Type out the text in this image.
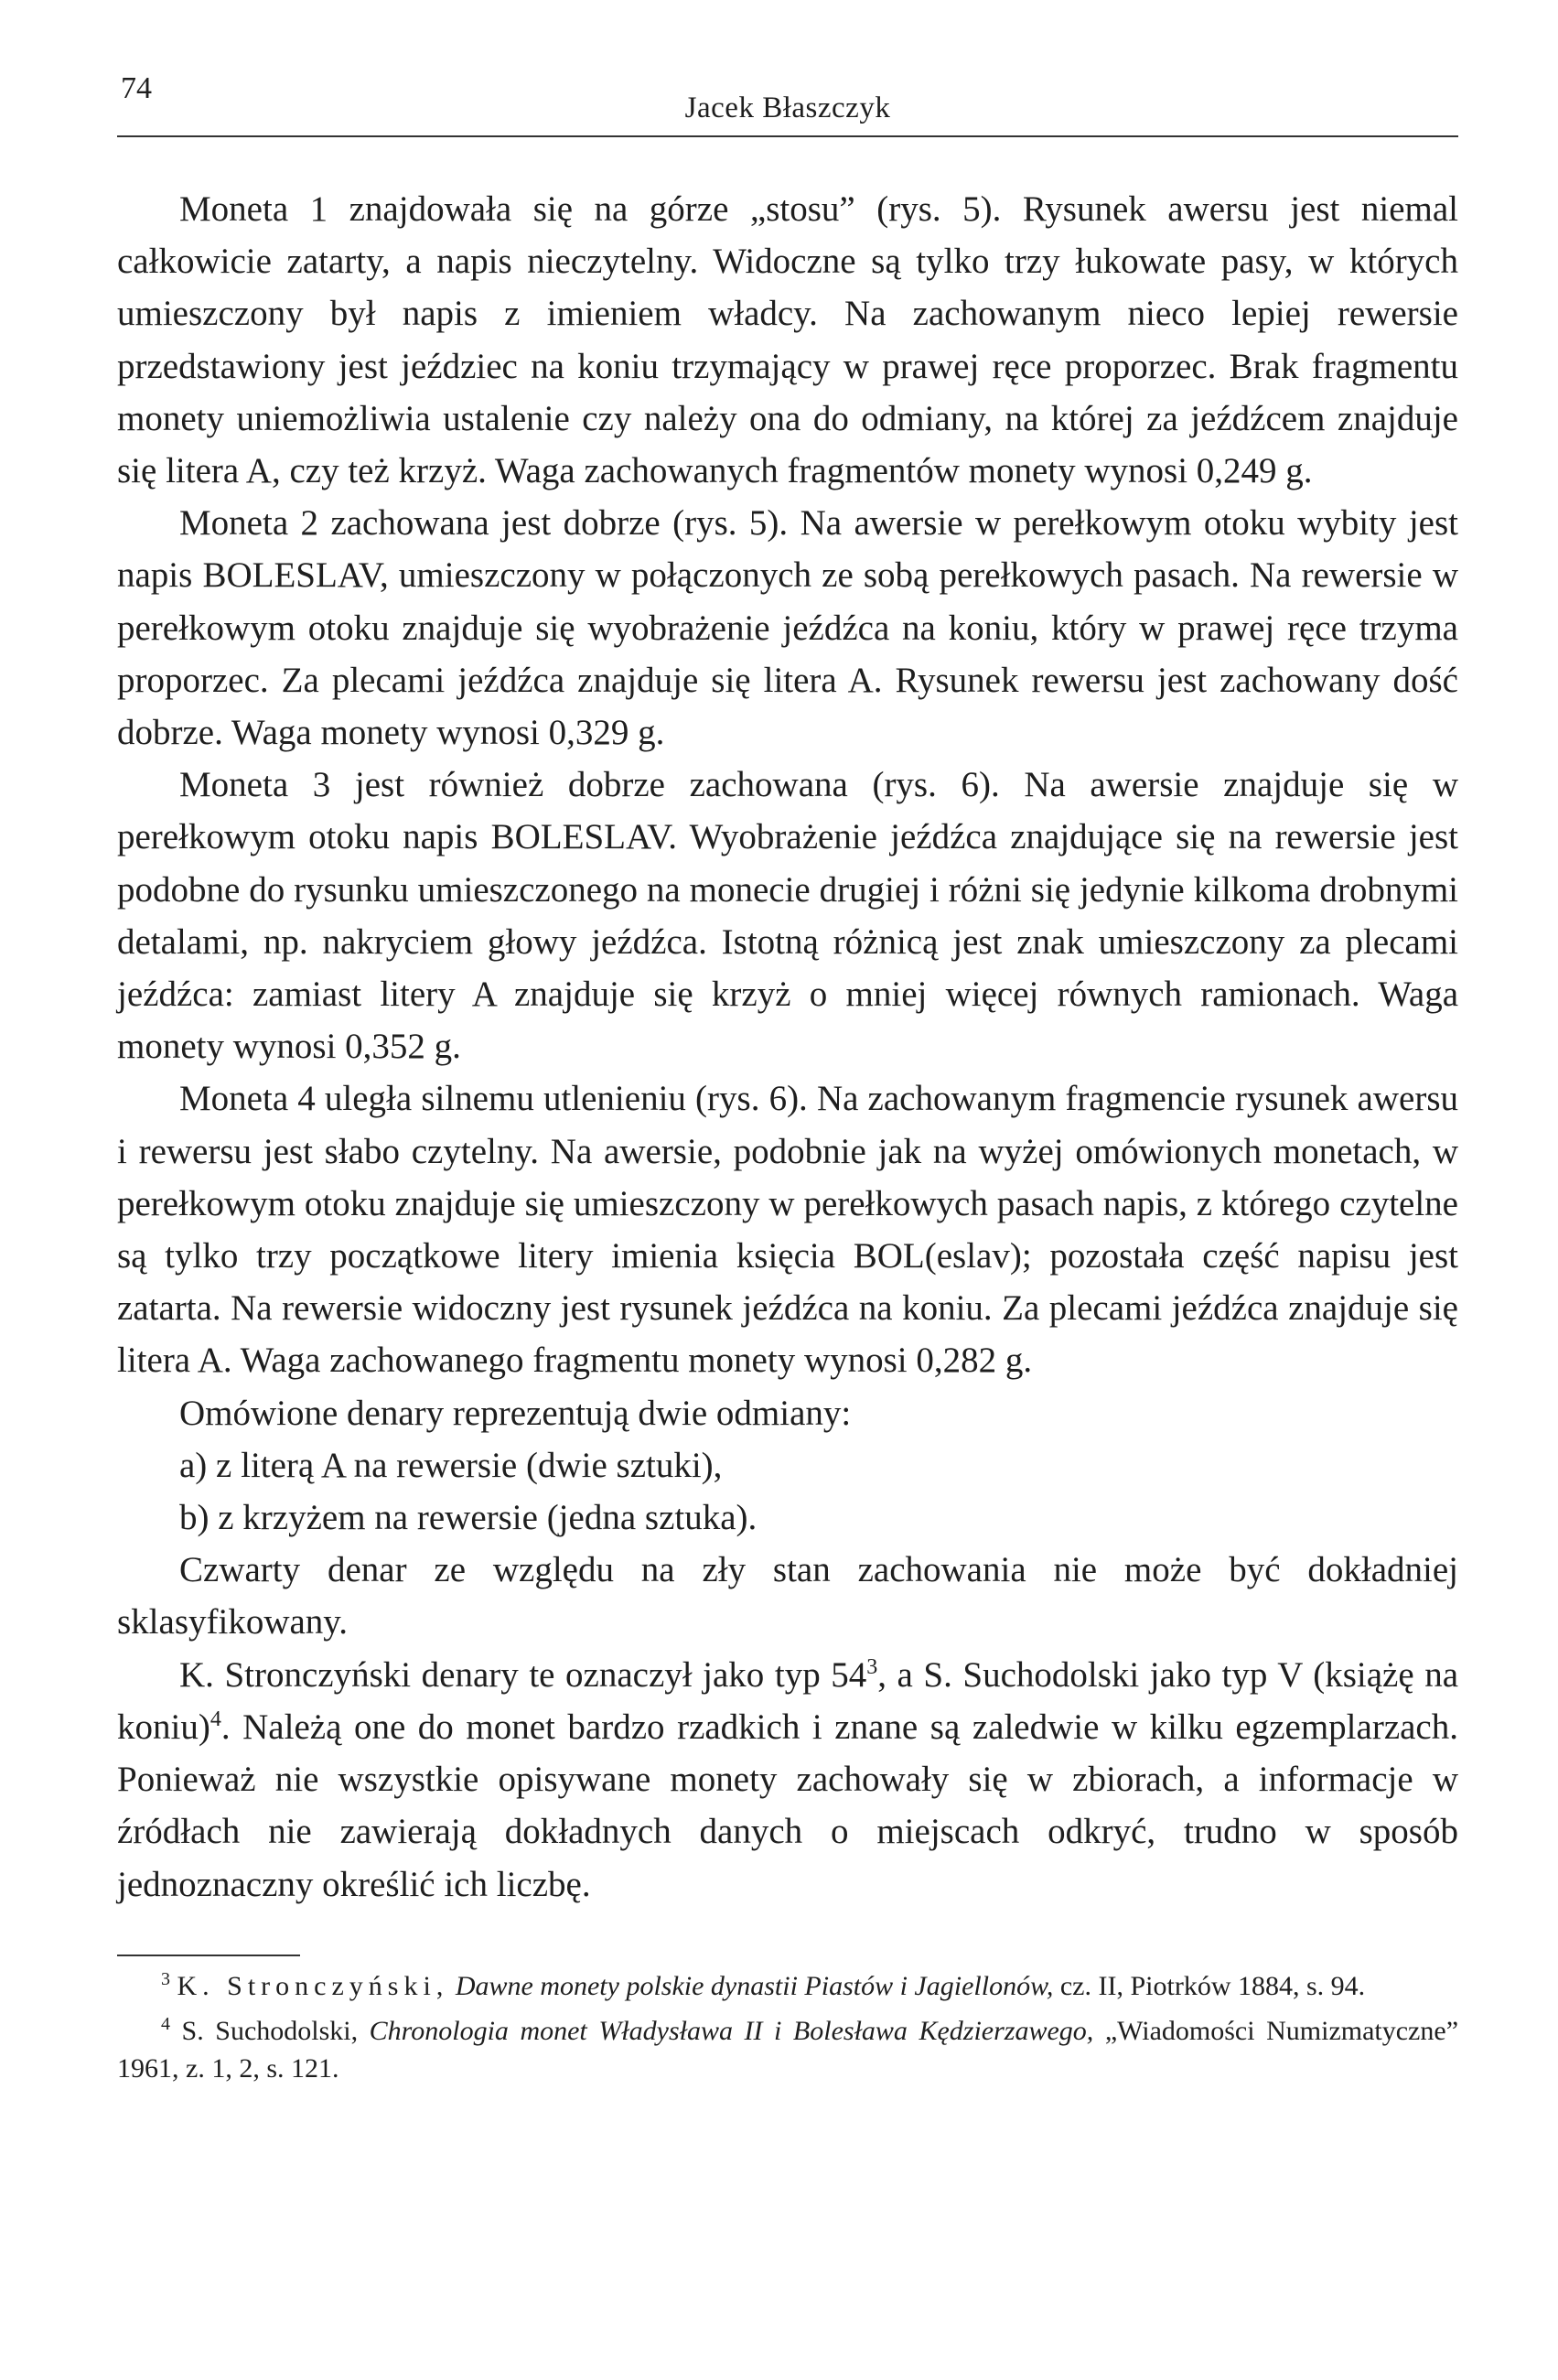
74
Jacek Błaszczyk

Moneta 1 znajdowała się na górze „stosu” (rys. 5). Rysunek awersu jest niemal całkowicie zatarty, a napis nieczytelny. Widoczne są tylko trzy łukowate pasy, w których umieszczony był napis z imieniem władcy. Na zachowanym nieco lepiej rewersie przedstawiony jest jeździec na koniu trzymający w prawej ręce proporzec. Brak fragmentu monety uniemożliwia ustalenie czy należy ona do odmiany, na której za jeźdźcem znajduje się litera A, czy też krzyż. Waga zachowanych fragmentów monety wynosi 0,249 g.

Moneta 2 zachowana jest dobrze (rys. 5). Na awersie w perełkowym otoku wybity jest napis BOLESLAV, umieszczony w połączonych ze sobą perełkowych pasach. Na rewersie w perełkowym otoku znajduje się wyobrażenie jeźdźca na koniu, który w prawej ręce trzyma proporzec. Za plecami jeźdźca znajduje się litera A. Rysunek rewersu jest zachowany dość dobrze. Waga monety wynosi 0,329 g.

Moneta 3 jest również dobrze zachowana (rys. 6). Na awersie znajduje się w perełkowym otoku napis BOLESLAV. Wyobrażenie jeźdźca znajdujące się na rewersie jest podobne do rysunku umieszczonego na monecie drugiej i różni się jedynie kilkoma drobnymi detalami, np. nakryciem głowy jeźdźca. Istotną różnicą jest znak umieszczony za plecami jeźdźca: zamiast litery A znajduje się krzyż o mniej więcej równych ramionach. Waga monety wynosi 0,352 g.

Moneta 4 uległa silnemu utlenieniu (rys. 6). Na zachowanym fragmencie rysunek awersu i rewersu jest słabo czytelny. Na awersie, podobnie jak na wyżej omówionych monetach, w perełkowym otoku znajduje się umieszczony w perełkowych pasach napis, z którego czytelne są tylko trzy początkowe litery imienia księcia BOL(eslav); pozostała część napisu jest zatarta. Na rewersie widoczny jest rysunek jeźdźca na koniu. Za plecami jeźdźca znajduje się litera A. Waga zachowanego fragmentu monety wynosi 0,282 g.

Omówione denary reprezentują dwie odmiany:

a) z literą A na rewersie (dwie sztuki),

b) z krzyżem na rewersie (jedna sztuka).

Czwarty denar ze względu na zły stan zachowania nie może być dokładniej sklasyfikowany.

K. Stronczyński denary te oznaczył jako typ $54^3$, a S. Suchodolski jako typ V (książę na koniu)$^4$. Należą one do monet bardzo rzadkich i znane są zaledwie w kilku egzemplarzach. Ponieważ nie wszystkie opisywane monety zachowały się w zbiorach, a informacje w źródłach nie zawierają dokładnych danych o miejscach odkryć, trudno w sposób jednoznaczny określić ich liczbę.

$^3$ K. Stronczyński, Dawne monety polskie dynastii Piastów i Jagiellonów, cz. II, Piotrków 1884, s. 94.

$^4$ S. Suchodolski, Chronologia monet Władysława II i Bolesława Kędzierzawego, „Wiadomości Numizmatyczne” 1961, z. 1, 2, s. 121.
